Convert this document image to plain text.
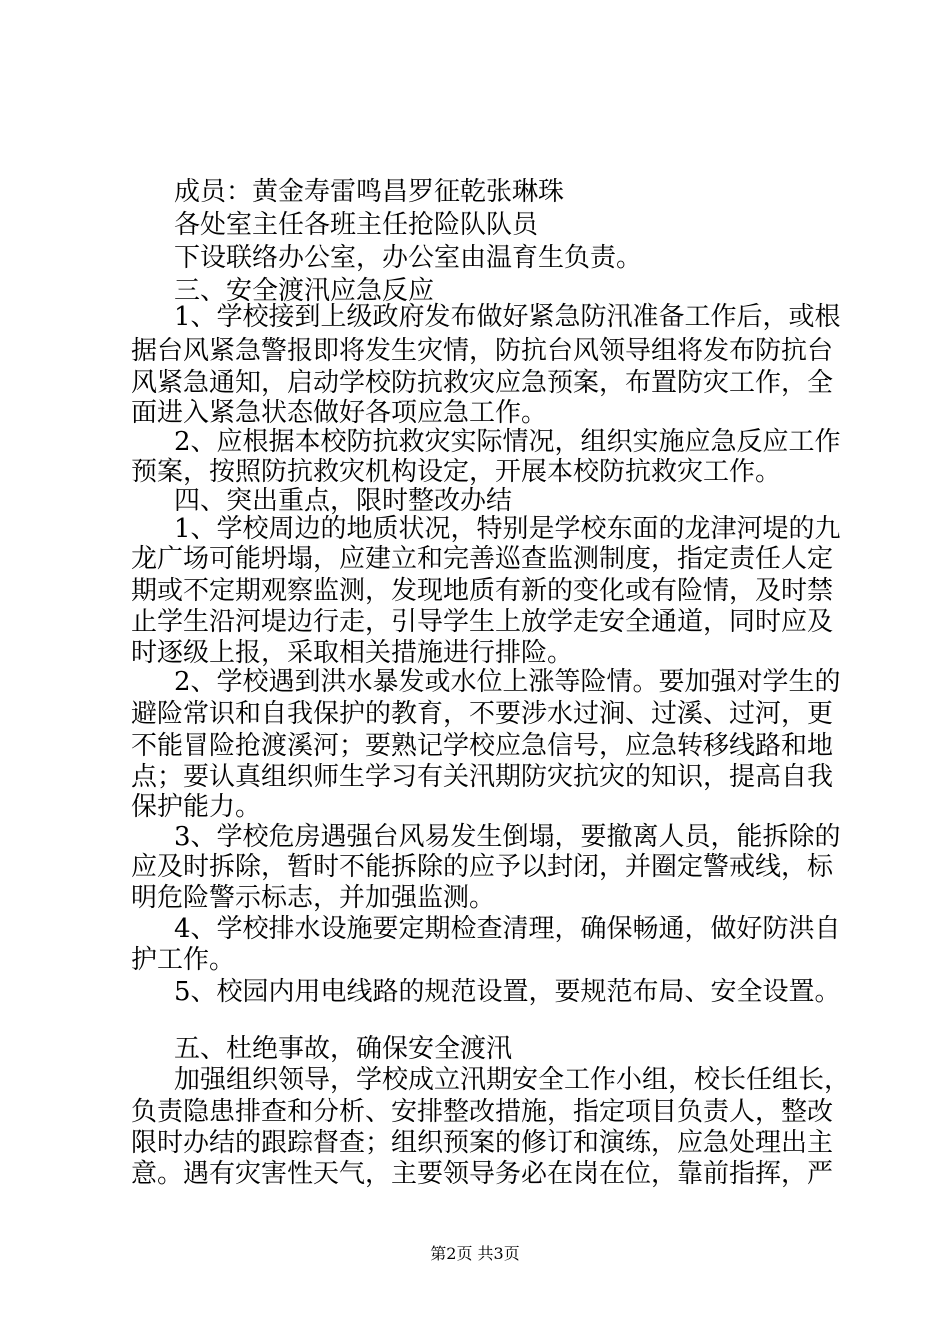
成员：黄金寿雷鸣昌罗征乾张琳珠
各处室主任各班主任抢险队队员
下设联络办公室，办公室由温育生负责。
三、安全渡汛应急反应
1、学校接到上级政府发布做好紧急防汛准备工作后，或根
据台风紧急警报即将发生灾情，防抗台风领导组将发布防抗台
风紧急通知，启动学校防抗救灾应急预案，布置防灾工作，全
面进入紧急状态做好各项应急工作。
2、应根据本校防抗救灾实际情况，组织实施应急反应工作
预案，按照防抗救灾机构设定，开展本校防抗救灾工作。
四、突出重点，限时整改办结
1、学校周边的地质状况，特别是学校东面的龙津河堤的九
龙广场可能坍塌，应建立和完善巡查监测制度，指定责任人定
期或不定期观察监测，发现地质有新的变化或有险情，及时禁
止学生沿河堤边行走，引导学生上放学走安全通道，同时应及
时逐级上报，采取相关措施进行排险。
2、学校遇到洪水暴发或水位上涨等险情。要加强对学生的
避险常识和自我保护的教育，不要涉水过涧、过溪、过河，更
不能冒险抢渡溪河；要熟记学校应急信号，应急转移线路和地
点；要认真组织师生学习有关汛期防灾抗灾的知识，提高自我
保护能力。
3、学校危房遇强台风易发生倒塌，要撤离人员，能拆除的
应及时拆除，暂时不能拆除的应予以封闭，并圈定警戒线，标
明危险警示标志，并加强监测。
4、学校排水设施要定期检查清理，确保畅通，做好防洪自
护工作。
5、校园内用电线路的规范设置，要规范布局、安全设置。
五、杜绝事故，确保安全渡汛
加强组织领导，学校成立汛期安全工作小组，校长任组长，
负责隐患排查和分析、安排整改措施，指定项目负责人，整改
限时办结的跟踪督查；组织预案的修订和演练，应急处理出主
意。遇有灾害性天气，主要领导务必在岗在位，靠前指挥，严
第2页 共3页
